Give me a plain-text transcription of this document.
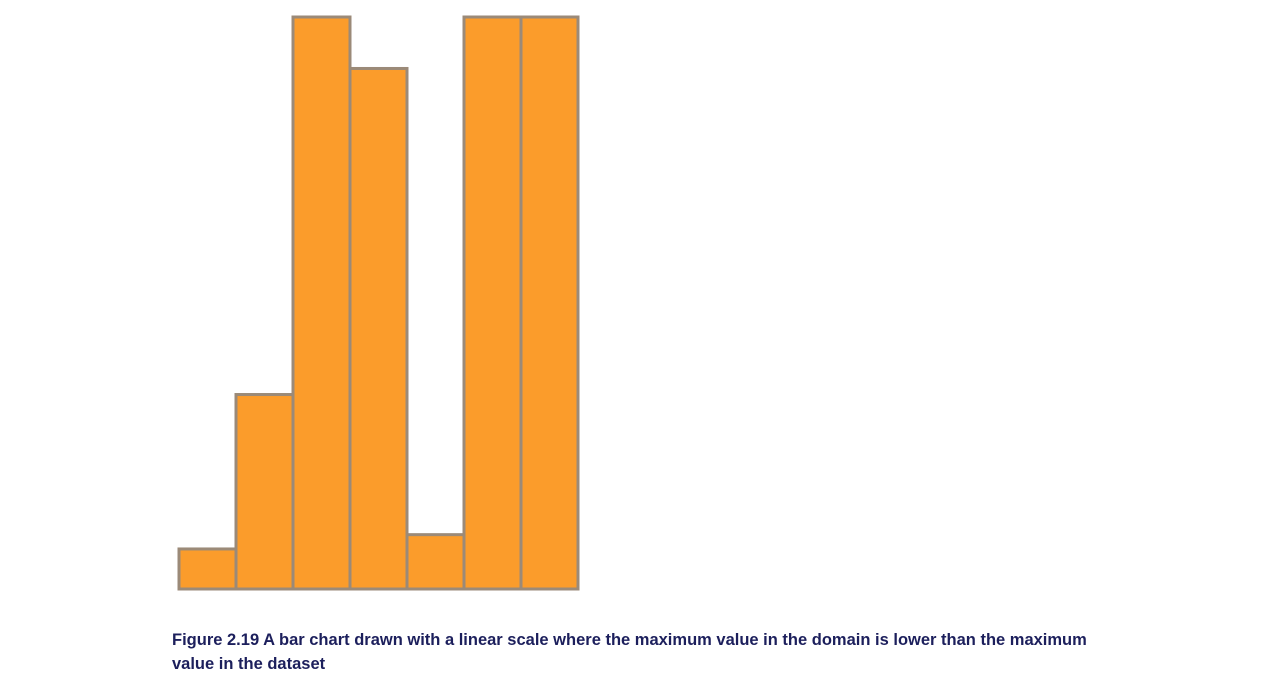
Figure 2.19 A bar chart drawn with a linear scale where the maximum value in the domain is lower than the maximum value in the dataset
